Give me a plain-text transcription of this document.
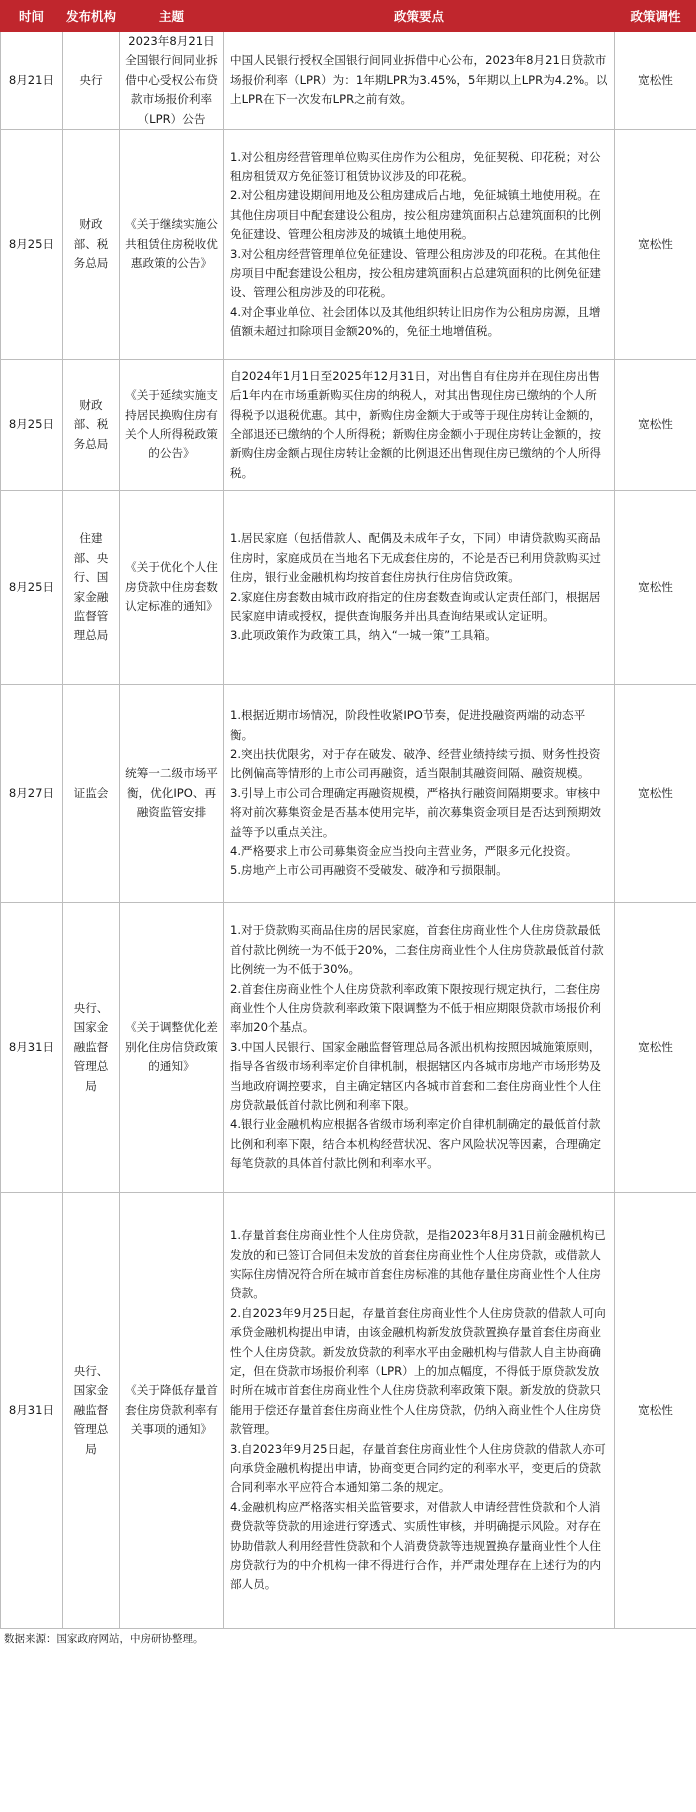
时间	发布机构	主题	政策要点	政策调性
8月21日	央行	2023年8月21日全国银行间同业拆借中心受权公布贷款市场报价利率（LPR）公告	中国人民银行授权全国银行间同业拆借中心公布，2023年8月21日贷款市场报价利率（LPR）为：1年期LPR为3.45%，5年期以上LPR为4.2%。以上LPR在下一次发布LPR之前有效。	宽松性
8月25日	财政部、税务总局	《关于继续实施公共租赁住房税收优惠政策的公告》	1.对公租房经营管理单位购买住房作为公租房，免征契税、印花税；对公租房租赁双方免征签订租赁协议涉及的印花税。
2.对公租房建设期间用地及公租房建成后占地，免征城镇土地使用税。在其他住房项目中配套建设公租房，按公租房建筑面积占总建筑面积的比例免征建设、管理公租房涉及的城镇土地使用税。
3.对公租房经营管理单位免征建设、管理公租房涉及的印花税。在其他住房项目中配套建设公租房，按公租房建筑面积占总建筑面积的比例免征建设、管理公租房涉及的印花税。
4.对企事业单位、社会团体以及其他组织转让旧房作为公租房房源，且增值额未超过扣除项目金额20%的，免征土地增值税。	宽松性
8月25日	财政部、税务总局	《关于延续实施支持居民换购住房有关个人所得税政策的公告》	自2024年1月1日至2025年12月31日，对出售自有住房并在现住房出售后1年内在市场重新购买住房的纳税人，对其出售现住房已缴纳的个人所得税予以退税优惠。其中，新购住房金额大于或等于现住房转让金额的，全部退还已缴纳的个人所得税；新购住房金额小于现住房转让金额的，按新购住房金额占现住房转让金额的比例退还出售现住房已缴纳的个人所得税。	宽松性
8月25日	住建部、央行、国家金融监督管理总局	《关于优化个人住房贷款中住房套数认定标准的通知》	1.居民家庭（包括借款人、配偶及未成年子女，下同）申请贷款购买商品住房时，家庭成员在当地名下无成套住房的，不论是否已利用贷款购买过住房，银行业金融机构均按首套住房执行住房信贷政策。
2.家庭住房套数由城市政府指定的住房套数查询或认定责任部门，根据居民家庭申请或授权，提供查询服务并出具查询结果或认定证明。
3.此项政策作为政策工具，纳入“一城一策”工具箱。	宽松性
8月27日	证监会	统筹一二级市场平衡，优化IPO、再融资监管安排	1.根据近期市场情况，阶段性收紧IPO节奏，促进投融资两端的动态平衡。
2.突出扶优限劣，对于存在破发、破净、经营业绩持续亏损、财务性投资比例偏高等情形的上市公司再融资，适当限制其融资间隔、融资规模。
3.引导上市公司合理确定再融资规模，严格执行融资间隔期要求。审核中将对前次募集资金是否基本使用完毕，前次募集资金项目是否达到预期效益等予以重点关注。
4.严格要求上市公司募集资金应当投向主营业务，严限多元化投资。
5.房地产上市公司再融资不受破发、破净和亏损限制。	宽松性
8月31日	央行、国家金融监督管理总局	《关于调整优化差别化住房信贷政策的通知》	1.对于贷款购买商品住房的居民家庭，首套住房商业性个人住房贷款最低首付款比例统一为不低于20%，二套住房商业性个人住房贷款最低首付款比例统一为不低于30%。
2.首套住房商业性个人住房贷款利率政策下限按现行规定执行，二套住房商业性个人住房贷款利率政策下限调整为不低于相应期限贷款市场报价利率加20个基点。
3.中国人民银行、国家金融监督管理总局各派出机构按照因城施策原则，指导各省级市场利率定价自律机制，根据辖区内各城市房地产市场形势及当地政府调控要求，自主确定辖区内各城市首套和二套住房商业性个人住房贷款最低首付款比例和利率下限。
4.银行业金融机构应根据各省级市场利率定价自律机制确定的最低首付款比例和利率下限，结合本机构经营状况、客户风险状况等因素，合理确定每笔贷款的具体首付款比例和利率水平。	宽松性
8月31日	央行、国家金融监督管理总局	《关于降低存量首套住房贷款利率有关事项的通知》	1.存量首套住房商业性个人住房贷款，是指2023年8月31日前金融机构已发放的和已签订合同但未发放的首套住房商业性个人住房贷款，或借款人实际住房情况符合所在城市首套住房标准的其他存量住房商业性个人住房贷款。
2.自2023年9月25日起，存量首套住房商业性个人住房贷款的借款人可向承贷金融机构提出申请，由该金融机构新发放贷款置换存量首套住房商业性个人住房贷款。新发放贷款的利率水平由金融机构与借款人自主协商确定，但在贷款市场报价利率（LPR）上的加点幅度，不得低于原贷款发放时所在城市首套住房商业性个人住房贷款利率政策下限。新发放的贷款只能用于偿还存量首套住房商业性个人住房贷款，仍纳入商业性个人住房贷款管理。
3.自2023年9月25日起，存量首套住房商业性个人住房贷款的借款人亦可向承贷金融机构提出申请，协商变更合同约定的利率水平，变更后的贷款合同利率水平应符合本通知第二条的规定。
4.金融机构应严格落实相关监管要求，对借款人申请经营性贷款和个人消费贷款等贷款的用途进行穿透式、实质性审核，并明确提示风险。对存在协助借款人利用经营性贷款和个人消费贷款等违规置换存量商业性个人住房贷款行为的中介机构一律不得进行合作，并严肃处理存在上述行为的内部人员。	宽松性
数据来源：国家政府网站，中房研协整理。
